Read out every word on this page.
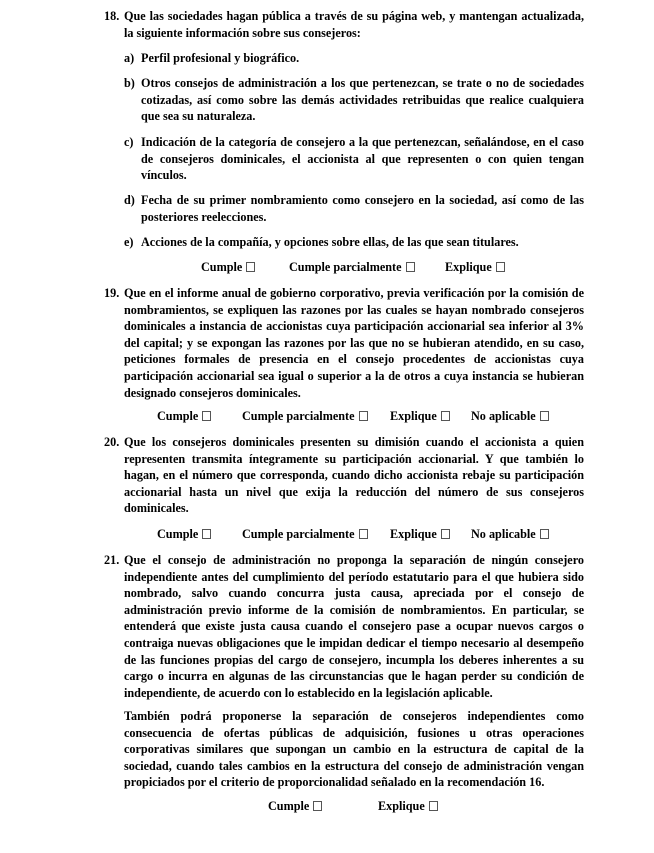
18. Que las sociedades hagan pública a través de su página web, y mantengan actualizada, la siguiente información sobre sus consejeros:
a) Perfil profesional y biográfico.
b) Otros consejos de administración a los que pertenezcan, se trate o no de sociedades cotizadas, así como sobre las demás actividades retribuidas que realice cualquiera que sea su naturaleza.
c) Indicación de la categoría de consejero a la que pertenezcan, señalándose, en el caso de consejeros dominicales, el accionista al que representen o con quien tengan vínculos.
d) Fecha de su primer nombramiento como consejero en la sociedad, así como de las posteriores reelecciones.
e) Acciones de la compañía, y opciones sobre ellas, de las que sean titulares.
Cumple	Cumple parcialmente	Explique
19. Que en el informe anual de gobierno corporativo, previa verificación por la comisión de nombramientos, se expliquen las razones por las cuales se hayan nombrado consejeros dominicales a instancia de accionistas cuya participación accionarial sea inferior al 3% del capital; y se expongan las razones por las que no se hubieran atendido, en su caso, peticiones formales de presencia en el consejo procedentes de accionistas cuya participación accionarial sea igual o superior a la de otros a cuya instancia se hubieran designado consejeros dominicales.
Cumple	Cumple parcialmente	Explique	No aplicable
20. Que los consejeros dominicales presenten su dimisión cuando el accionista a quien representen transmita íntegramente su participación accionarial. Y que también lo hagan, en el número que corresponda, cuando dicho accionista rebaje su participación accionarial hasta un nivel que exija la reducción del número de sus consejeros dominicales.
Cumple	Cumple parcialmente	Explique	No aplicable
21. Que el consejo de administración no proponga la separación de ningún consejero independiente antes del cumplimiento del período estatutario para el que hubiera sido nombrado, salvo cuando concurra justa causa, apreciada por el consejo de administración previo informe de la comisión de nombramientos. En particular, se entenderá que existe justa causa cuando el consejero pase a ocupar nuevos cargos o contraiga nuevas obligaciones que le impidan dedicar el tiempo necesario al desempeño de las funciones propias del cargo de consejero, incumpla los deberes inherentes a su cargo o incurra en algunas de las circunstancias que le hagan perder su condición de independiente, de acuerdo con lo establecido en la legislación aplicable.
También podrá proponerse la separación de consejeros independientes como consecuencia de ofertas públicas de adquisición, fusiones u otras operaciones corporativas similares que supongan un cambio en la estructura de capital de la sociedad, cuando tales cambios en la estructura del consejo de administración vengan propiciados por el criterio de proporcionalidad señalado en la recomendación 16.
Cumple	Explique
